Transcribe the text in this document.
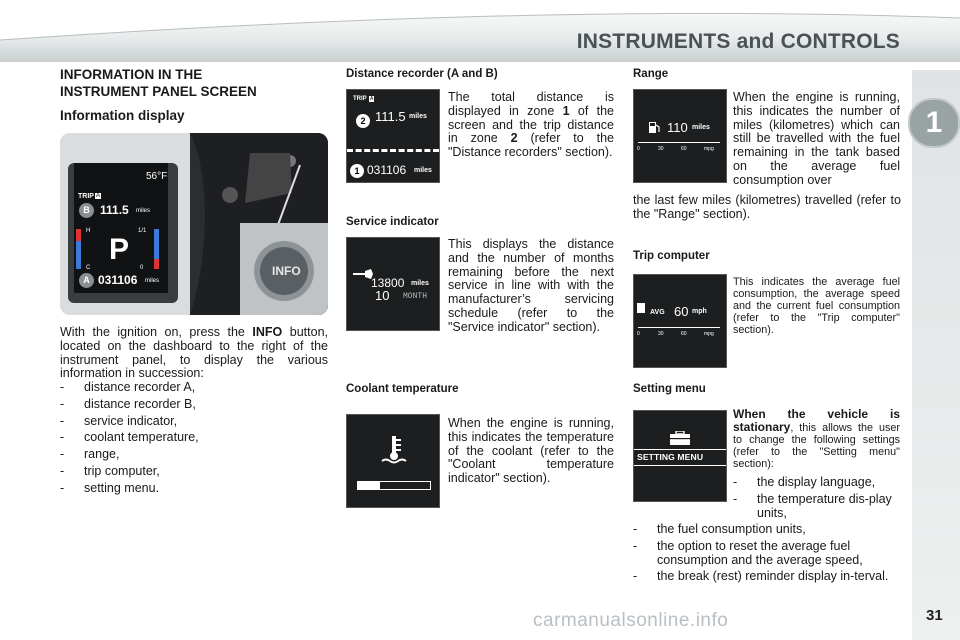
INSTRUMENTS and CONTROLS
1
INFORMATION IN THE
INSTRUMENT PANEL SCREEN
Information display
56°F
TRIP A
B 111.5 miles
H
C
P
1/1
0
A 031106 miles
INFO

With the ignition on, press the INFO button, located on the dashboard to the right of the instrument panel, to display the various information in succession:

- distance recorder A,
- distance recorder B,
- service indicator,
- coolant temperature,
- range,
- trip computer,
- setting menu.
Distance recorder (A and B)
TRIP A
2 111.5 miles
1 031106 miles

The total distance is displayed in zone 1 of the screen and the trip distance in zone 2 (refer to the "Distance recorders" section).

Service indicator
13800 miles
10 MONTH

This displays the distance and the number of months remaining before the next service in line with with the manufacturer’s servicing schedule (refer to the "Service indicator" section).

Coolant temperature

When the engine is running, this indicates the temperature of the coolant (refer to the "Coolant temperature indicator" section).

Range
110 miles
0	30	60	mpg

When the engine is running, this indicates the number of miles (kilometres) which can still be travelled with the fuel remaining in the tank based on the average fuel consumption over

the last few miles (kilometres) travelled (refer to the "Range" section).

Trip computer
AVG 60 mph
0	30	60	mpg

This indicates the average fuel consumption, the average speed and the current fuel consumption (refer to the "Trip computer" section).

Setting menu
SETTING MENU

When the vehicle is stationary, this allows the user to change the following settings (refer to the "Setting menu" section):

- the display language,
- the temperature dis-play units,
- the fuel consumption units,
- the option to reset the average fuel consumption and the average speed,
- the break (rest) reminder display in-terval.
carmanualsonline.info	31
